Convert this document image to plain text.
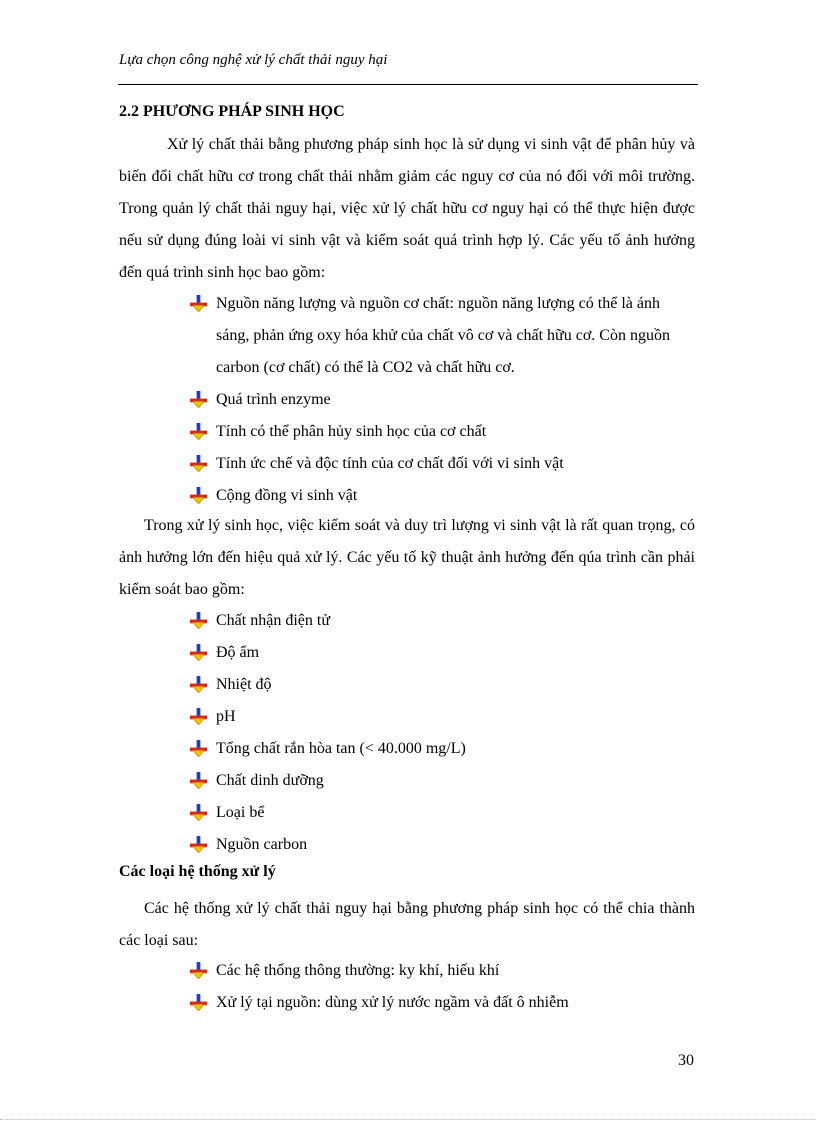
Lựa chọn công nghệ xử lý chất thải nguy hại
2.2 PHƯƠNG PHÁP SINH HỌC

Xử lý chất thải bằng phương pháp sinh học là sử dụng vi sinh vật để phân hủy và biến đổi chất hữu cơ trong chất thải nhằm giảm các nguy cơ của nó đối với môi trường. Trong quản lý chất thải nguy hại, việc xử lý chất hữu cơ nguy hại có thể thực hiện được nếu sử dụng đúng loài vi sinh vật và kiểm soát quá trình hợp lý. Các yếu tố ảnh hưởng đến quá trình sinh học bao gồm:

Nguồn năng lượng và nguồn cơ chất: nguồn năng lượng có thể là ánh sáng, phản ứng oxy hóa khử của chất vô cơ và chất hữu cơ. Còn nguồn carbon (cơ chất) có thể là CO2 và chất hữu cơ.
Quá trình enzyme
Tính có thể phân hủy sinh học của cơ chất
Tính ức chế và độc tính của cơ chất đối với vi sinh vật
Cộng đồng vi sinh vật

Trong xử lý sinh học, việc kiểm soát và duy trì lượng vi sinh vật là rất quan trọng, có ảnh hưởng lớn đến hiệu quả xử lý. Các yếu tố kỹ thuật ảnh hưởng đến qúa trình cần phải kiểm soát bao gồm:

Chất nhận điện tử
Độ ẩm
Nhiệt độ
pH
Tổng chất rắn hòa tan (< 40.000 mg/L)
Chất dinh dưỡng
Loại bể
Nguồn carbon
Các loại hệ thống xử lý

Các hệ thống xử lý chất thải nguy hại bằng phương pháp sinh học có thể chia thành các loại sau:

Các hệ thống thông thường: ky khí, hiếu khí
Xử lý tại nguồn: dùng xử lý nước ngầm và đất ô nhiễm
30
